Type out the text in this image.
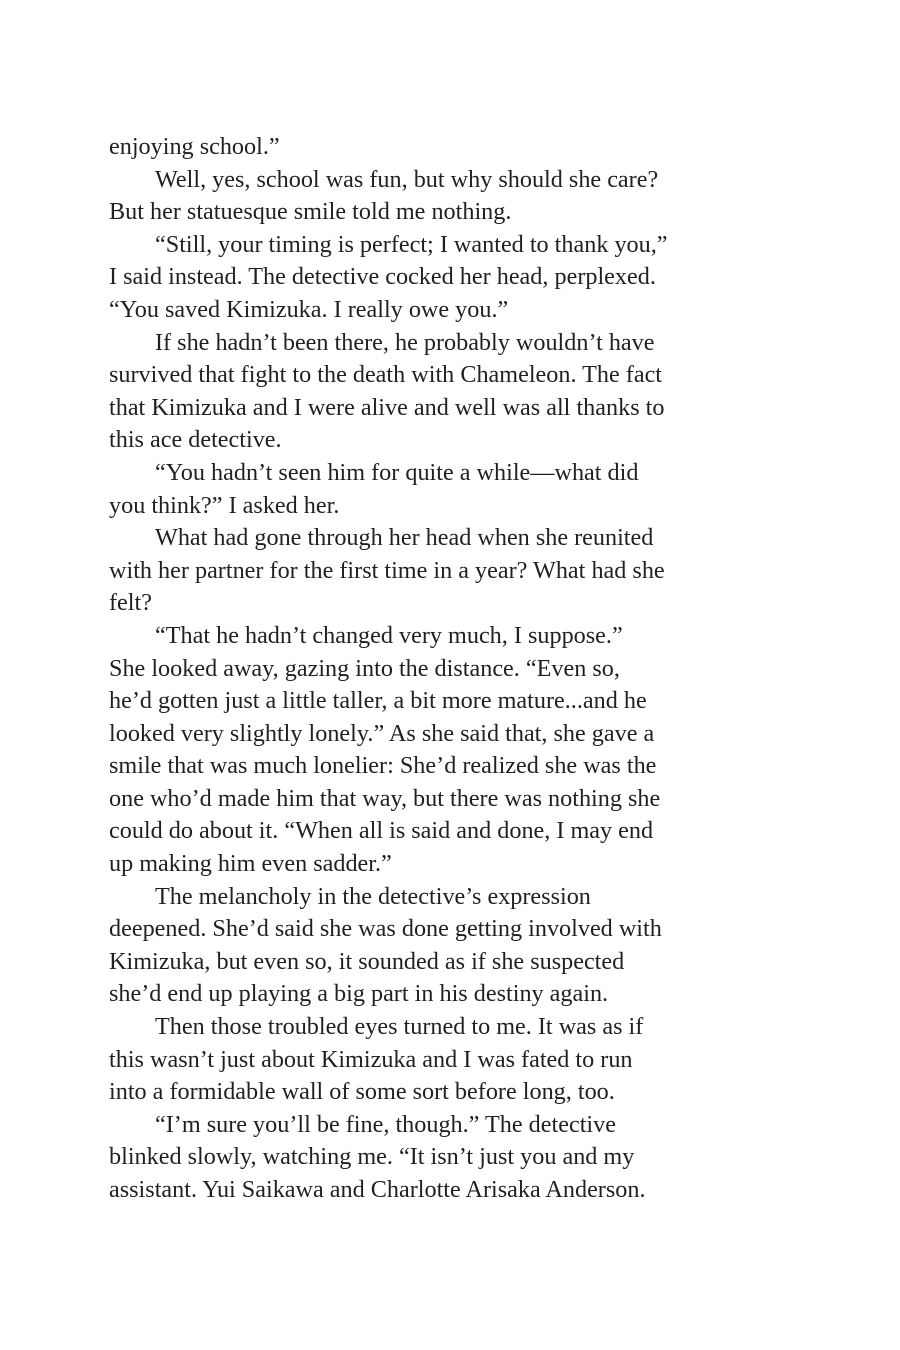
enjoying school.”

Well, yes, school was fun, but why should she care?
But her statuesque smile told me nothing.

“Still, your timing is perfect; I wanted to thank you,”
I said instead. The detective cocked her head, perplexed.
“You saved Kimizuka. I really owe you.”

If she hadn’t been there, he probably wouldn’t have
survived that fight to the death with Chameleon. The fact
that Kimizuka and I were alive and well was all thanks to
this ace detective.

“You hadn’t seen him for quite a while—what did
you think?” I asked her.

What had gone through her head when she reunited
with her partner for the first time in a year? What had she
felt?

“That he hadn’t changed very much, I suppose.”
She looked away, gazing into the distance. “Even so,
he’d gotten just a little taller, a bit more mature...and he
looked very slightly lonely.” As she said that, she gave a
smile that was much lonelier: She’d realized she was the
one who’d made him that way, but there was nothing she
could do about it. “When all is said and done, I may end
up making him even sadder.”

The melancholy in the detective’s expression
deepened. She’d said she was done getting involved with
Kimizuka, but even so, it sounded as if she suspected
she’d end up playing a big part in his destiny again.

Then those troubled eyes turned to me. It was as if
this wasn’t just about Kimizuka and I was fated to run
into a formidable wall of some sort before long, too.

“I’m sure you’ll be fine, though.” The detective
blinked slowly, watching me. “It isn’t just you and my
assistant. Yui Saikawa and Charlotte Arisaka Anderson.
